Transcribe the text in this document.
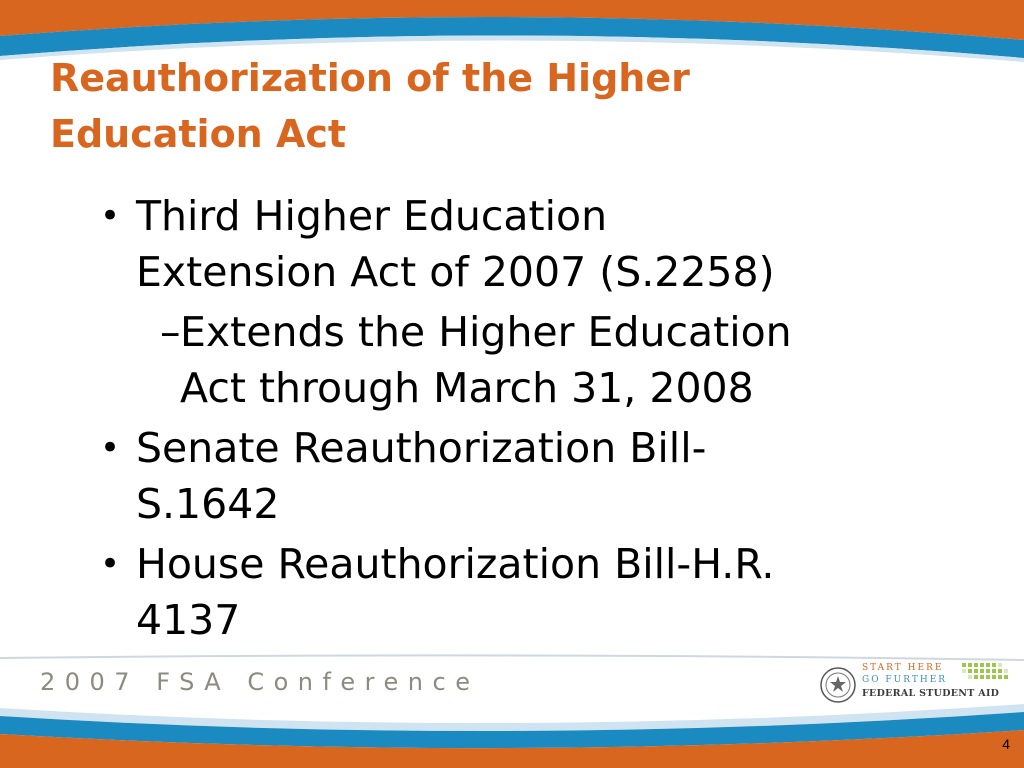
Reauthorization of the Higher
Education Act
• Third Higher Education
Extension Act of 2007 (S.2258)
– Extends the Higher Education
Act through March 31, 2008
• Senate Reauthorization Bill-
S.1642
• House Reauthorization Bill-H.R.
4137
2007 FSA Conference	START HERE
GO FURTHER
FEDERAL STUDENT AID
4
